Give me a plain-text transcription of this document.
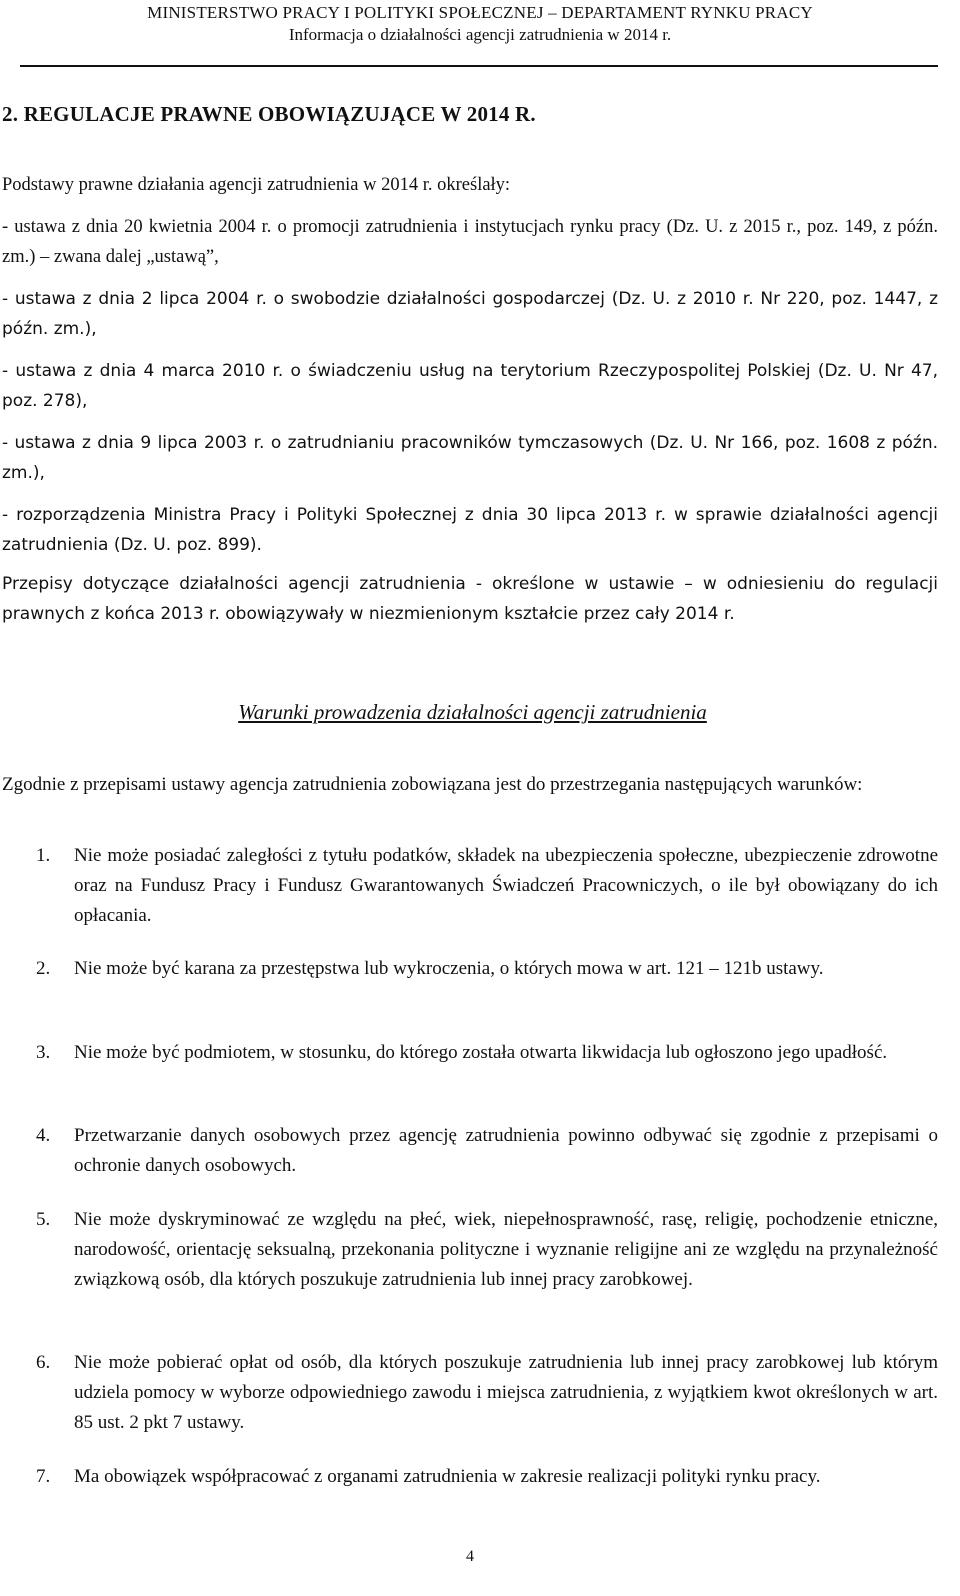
MINISTERSTWO PRACY I POLITYKI SPOŁECZNEJ – DEPARTAMENT RYNKU PRACY
Informacja o działalności agencji zatrudnienia w 2014 r.
2. REGULACJE PRAWNE OBOWIĄZUJĄCE W 2014 R.
Podstawy prawne działania agencji zatrudnienia w 2014 r. określały:
- ustawa z dnia 20 kwietnia 2004 r. o promocji zatrudnienia i instytucjach rynku pracy (Dz. U. z 2015 r., poz. 149, z późn. zm.) – zwana dalej „ustawą”,
- ustawa z dnia 2 lipca 2004 r. o swobodzie działalności gospodarczej (Dz. U. z 2010 r. Nr 220, poz. 1447, z późn. zm.),
- ustawa z dnia 4 marca 2010 r. o świadczeniu usług na terytorium Rzeczypospolitej Polskiej (Dz. U. Nr 47, poz. 278),
- ustawa z dnia 9 lipca 2003 r. o zatrudnianiu pracowników tymczasowych (Dz. U. Nr 166, poz. 1608 z późn. zm.),
- rozporządzenia Ministra Pracy i Polityki Społecznej z dnia 30 lipca 2013 r. w sprawie działalności agencji zatrudnienia (Dz. U. poz. 899).
Przepisy dotyczące działalności agencji zatrudnienia - określone w ustawie – w odniesieniu do regulacji prawnych z końca 2013 r. obowiązywały w niezmienionym kształcie przez cały 2014 r.
Warunki prowadzenia działalności agencji zatrudnienia
Zgodnie z przepisami ustawy agencja zatrudnienia zobowiązana jest do przestrzegania następujących warunków:
1. Nie może posiadać zaległości z tytułu podatków, składek na ubezpieczenia społeczne, ubezpieczenie zdrowotne oraz na Fundusz Pracy i Fundusz Gwarantowanych Świadczeń Pracowniczych, o ile był obowiązany do ich opłacania.
2. Nie może być karana za przestępstwa lub wykroczenia, o których mowa w art. 121 – 121b ustawy.
3. Nie może być podmiotem, w stosunku, do którego została otwarta likwidacja lub ogłoszono jego upadłość.
4. Przetwarzanie danych osobowych przez agencję zatrudnienia powinno odbywać się zgodnie z przepisami o ochronie danych osobowych.
5. Nie może dyskryminować ze względu na płeć, wiek, niepełnosprawność, rasę, religię, pochodzenie etniczne, narodowość, orientację seksualną, przekonania polityczne i wyznanie religijne ani ze względu na przynależność związkową osób, dla których poszukuje zatrudnienia lub innej pracy zarobkowej.
6. Nie może pobierać opłat od osób, dla których poszukuje zatrudnienia lub innej pracy zarobkowej lub którym udziela pomocy w wyborze odpowiedniego zawodu i miejsca zatrudnienia, z wyjątkiem kwot określonych w art. 85 ust. 2 pkt 7 ustawy.
7. Ma obowiązek współpracować z organami zatrudnienia w zakresie realizacji polityki rynku pracy.
4
